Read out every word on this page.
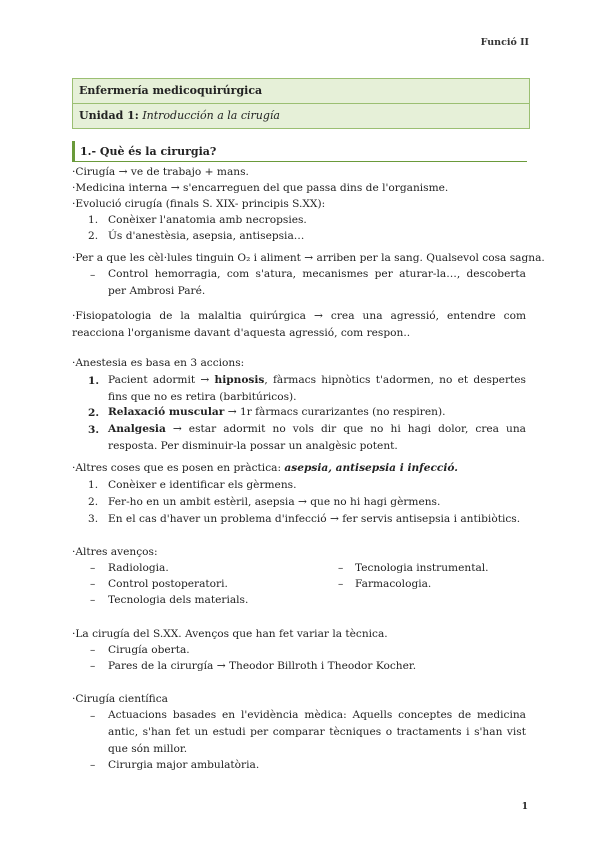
Funció II
Enfermería medicoquirúrgica
Unidad 1: Introducción a la cirugía
1.- Què és la cirurgia?
·Cirugía → ve de trabajo + mans.
·Medicina interna → s'encarreguen del que passa dins de l'organisme.
·Evolució cirugía (finals S. XIX- principis S.XX):
1. Conèixer l'anatomia amb necropsies.
2. Ús d'anestèsia, asepsia, antisepsia…
·Per a que les cèl·lules tinguin O₂ i aliment → arriben per la sang. Qualsevol cosa sagna.
– Control hemorragia, com s'atura, mecanismes per aturar-la…, descoberta per Ambrosi Paré.
·Fisiopatologia de la malaltia quirúrgica → crea una agressió, entendre com reacciona l'organisme davant d'aquesta agressió, com respon..
·Anestesia es basa en 3 accions:
1. Pacient adormit → hipnosis, fàrmacs hipnòtics t'adormen, no et despertes fins que no es retira (barbitúricos).
2. Relaxació muscular → 1r fàrmacs curarizantes (no respiren).
3. Analgesia → estar adormit no vols dir que no hi hagi dolor, crea una resposta. Per disminuir-la possar un analgèsic potent.
·Altres coses que es posen en pràctica: asepsia, antisepsia i infecció.
1. Conèixer e identificar els gèrmens.
2. Fer-ho en un ambit estèril, asepsia → que no hi hagi gèrmens.
3. En el cas d'haver un problema d'infecció → fer servis antisepsia i antibiòtics.
·Altres avenços:
– Radiologia.
– Control postoperatori.
– Tecnologia dels materials.
– Tecnologia instrumental.
– Farmacologia.
·La cirugía del S.XX. Avenços que han fet variar la tècnica.
– Cirugía oberta.
– Pares de la cirurgía → Theodor Billroth i Theodor Kocher.
·Cirugía científica
– Actuacions basades en l'evidència mèdica: Aquells conceptes de medicina antic, s'han fet un estudi per comparar tècniques o tractaments i s'han vist que són millor.
– Cirurgia major ambulatòria.
1
